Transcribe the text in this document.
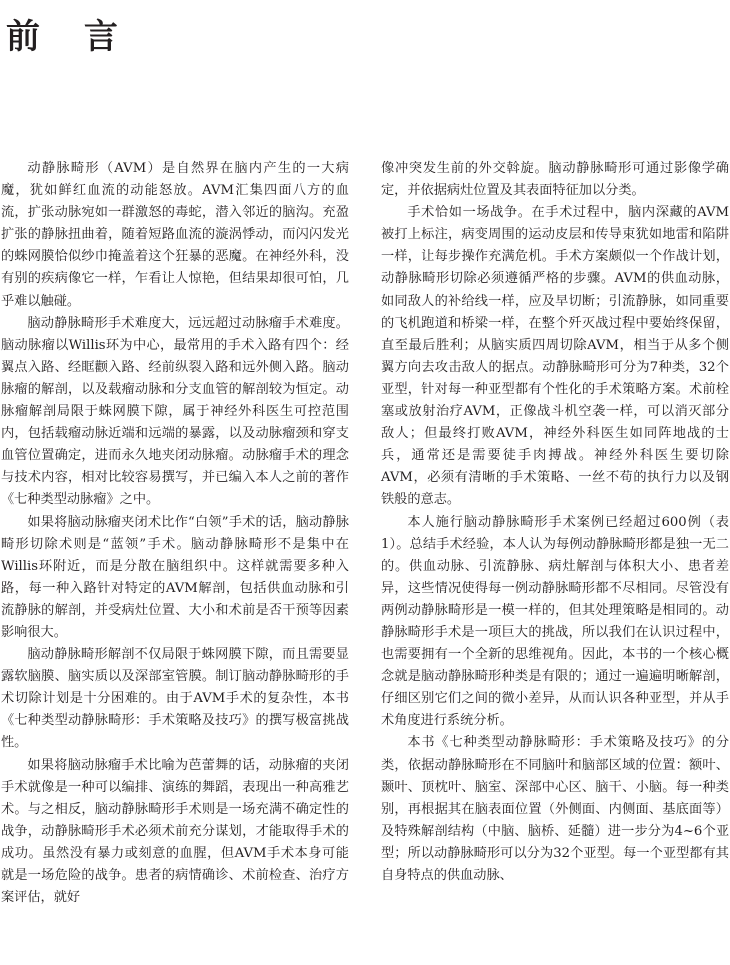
前 言

动静脉畸形（AVM）是自然界在脑内产生的一大病魔，犹如鲜红血流的动能怒放。AVM汇集四面八方的血流，扩张动脉宛如一群激怒的毒蛇，潜入邻近的脑沟。充盈扩张的静脉扭曲着，随着短路血流的漩涡悸动，而闪闪发光的蛛网膜恰似纱巾掩盖着这个狂暴的恶魔。在神经外科，没有别的疾病像它一样，乍看让人惊艳，但结果却很可怕，几乎难以触碰。

脑动静脉畸形手术难度大，远远超过动脉瘤手术难度。脑动脉瘤以Willis环为中心，最常用的手术入路有四个：经翼点入路、经眶颧入路、经前纵裂入路和远外侧入路。脑动脉瘤的解剖，以及载瘤动脉和分支血管的解剖较为恒定。动脉瘤解剖局限于蛛网膜下隙，属于神经外科医生可控范围内，包括载瘤动脉近端和远端的暴露，以及动脉瘤颈和穿支血管位置确定，进而永久地夹闭动脉瘤。动脉瘤手术的理念与技术内容，相对比较容易撰写，并已编入本人之前的著作《七种类型动脉瘤》之中。

如果将脑动脉瘤夹闭术比作“白领”手术的话，脑动静脉畸形切除术则是“蓝领”手术。脑动静脉畸形不是集中在Willis环附近，而是分散在脑组织中。这样就需要多种入路，每一种入路针对特定的AVM解剖，包括供血动脉和引流静脉的解剖，并受病灶位置、大小和术前是否干预等因素影响很大。

脑动静脉畸形解剖不仅局限于蛛网膜下隙，而且需要显露软脑膜、脑实质以及深部室管膜。制订脑动静脉畸形的手术切除计划是十分困难的。由于AVM手术的复杂性，本书《七种类型动静脉畸形：手术策略及技巧》的撰写极富挑战性。

如果将脑动脉瘤手术比喻为芭蕾舞的话，动脉瘤的夹闭手术就像是一种可以编排、演练的舞蹈，表现出一种高雅艺术。与之相反，脑动静脉畸形手术则是一场充满不确定性的战争，动静脉畸形手术必须术前充分谋划，才能取得手术的成功。虽然没有暴力或刻意的血腥，但AVM手术本身可能就是一场危险的战争。患者的病情确诊、术前检查、治疗方案评估，就好

像冲突发生前的外交斡旋。脑动静脉畸形可通过影像学确定，并依据病灶位置及其表面特征加以分类。

手术恰如一场战争。在手术过程中，脑内深藏的AVM被打上标注，病变周围的运动皮层和传导束犹如地雷和陷阱一样，让每步操作充满危机。手术方案颇似一个作战计划，动静脉畸形切除必须遵循严格的步骤。AVM的供血动脉，如同敌人的补给线一样，应及早切断；引流静脉，如同重要的飞机跑道和桥梁一样，在整个歼灭战过程中要始终保留，直至最后胜利；从脑实质四周切除AVM，相当于从多个侧翼方向去攻击敌人的据点。动静脉畸形可分为7种类，32个亚型，针对每一种亚型都有个性化的手术策略方案。术前栓塞或放射治疗AVM，正像战斗机空袭一样，可以消灭部分敌人；但最终打败AVM，神经外科医生如同阵地战的士兵，通常还是需要徒手肉搏战。神经外科医生要切除AVM，必须有清晰的手术策略、一丝不苟的执行力以及钢铁般的意志。

本人施行脑动静脉畸形手术案例已经超过600例（表1）。总结手术经验，本人认为每例动静脉畸形都是独一无二的。供血动脉、引流静脉、病灶解剖与体积大小、患者差异，这些情况使得每一例动静脉畸形都不尽相同。尽管没有两例动静脉畸形是一模一样的，但其处理策略是相同的。动静脉畸形手术是一项巨大的挑战，所以我们在认识过程中，也需要拥有一个全新的思维视角。因此，本书的一个核心概念就是脑动静脉畸形种类是有限的；通过一遍遍明晰解剖，仔细区别它们之间的微小差异，从而认识各种亚型，并从手术角度进行系统分析。

本书《七种类型动静脉畸形：手术策略及技巧》的分类，依据动静脉畸形在不同脑叶和脑部区域的位置：额叶、颞叶、顶枕叶、脑室、深部中心区、脑干、小脑。每一种类别，再根据其在脑表面位置（外侧面、内侧面、基底面等）及特殊解剖结构（中脑、脑桥、延髓）进一步分为4~6个亚型；所以动静脉畸形可以分为32个亚型。每一个亚型都有其自身特点的供血动脉、
